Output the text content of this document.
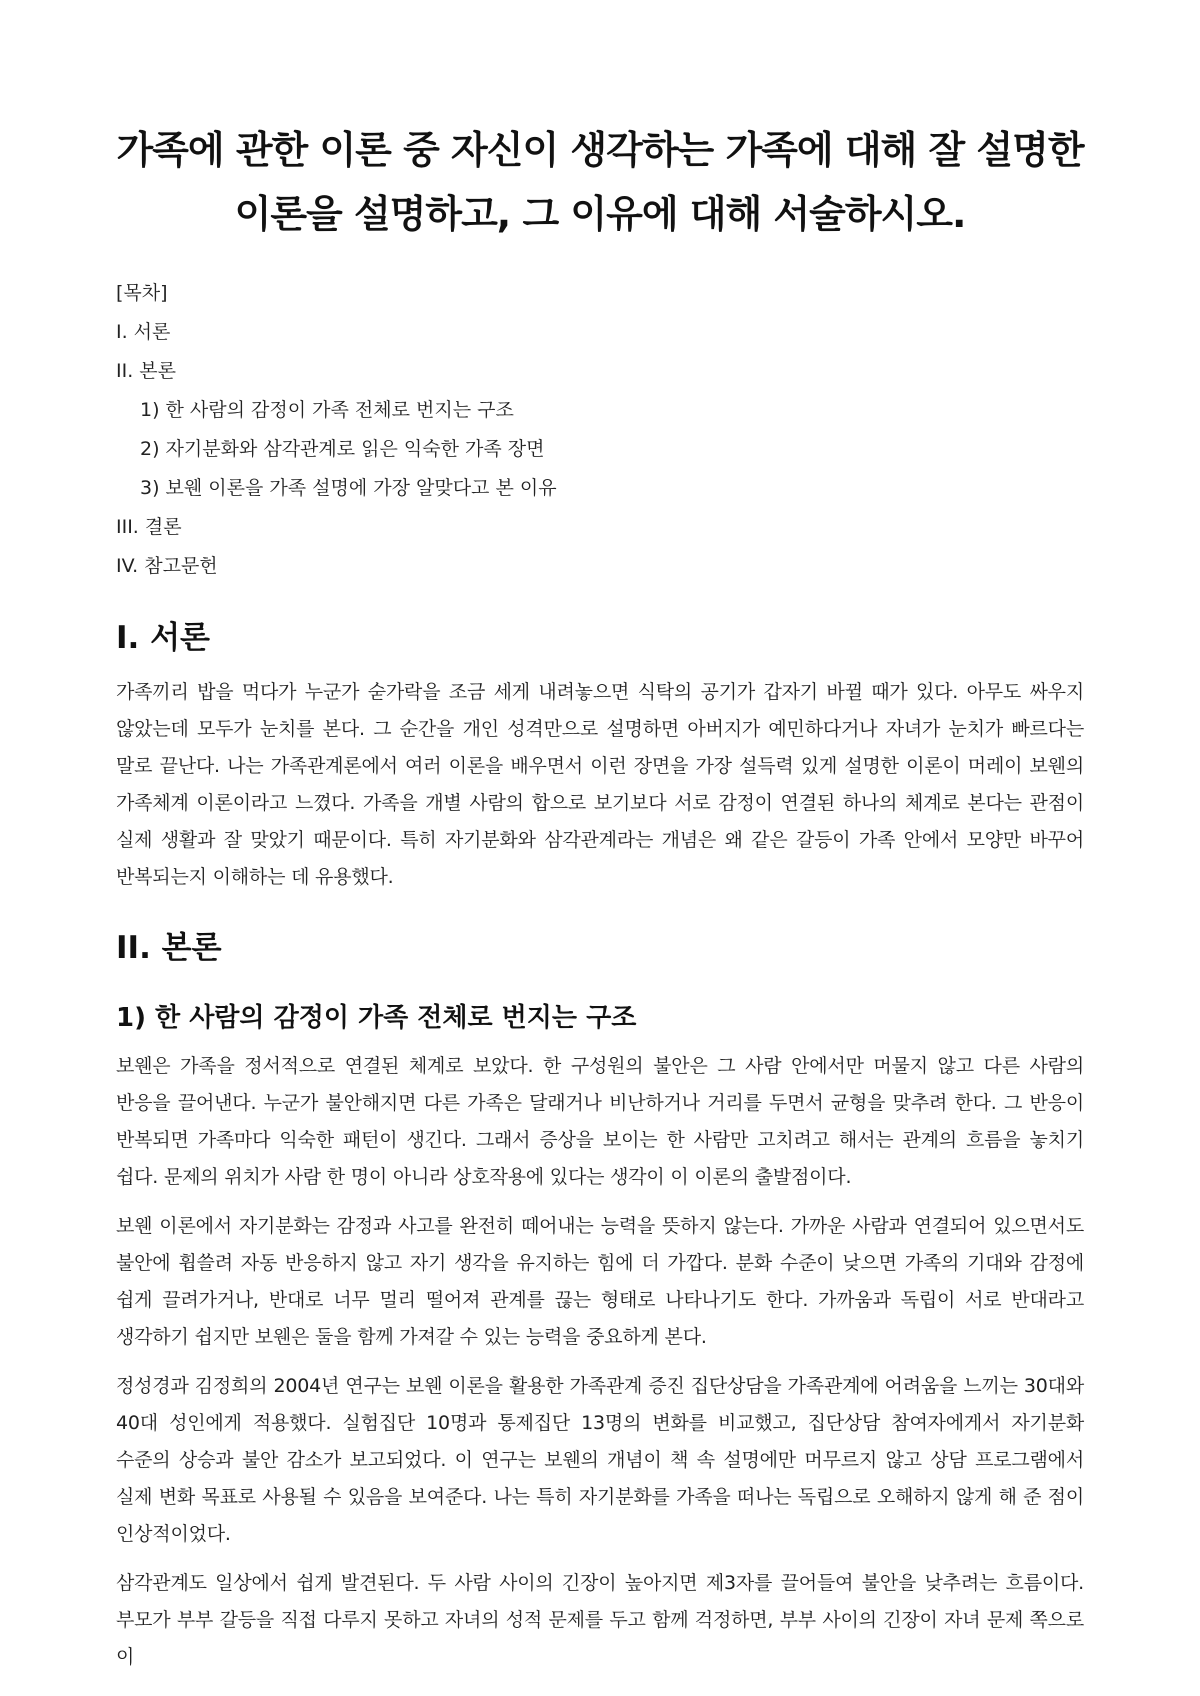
가족에 관한 이론 중 자신이 생각하는 가족에 대해 잘 설명한 이론을 설명하고, 그 이유에 대해 서술하시오.
[목차]
I. 서론
II. 본론
1) 한 사람의 감정이 가족 전체로 번지는 구조
2) 자기분화와 삼각관계로 읽은 익숙한 가족 장면
3) 보웬 이론을 가족 설명에 가장 알맞다고 본 이유
III. 결론
IV. 참고문헌
I. 서론

가족끼리 밥을 먹다가 누군가 숟가락을 조금 세게 내려놓으면 식탁의 공기가 갑자기 바뀔 때가 있다. 아무도 싸우지 않았는데 모두가 눈치를 본다. 그 순간을 개인 성격만으로 설명하면 아버지가 예민하다거나 자녀가 눈치가 빠르다는 말로 끝난다. 나는 가족관계론에서 여러 이론을 배우면서 이런 장면을 가장 설득력 있게 설명한 이론이 머레이 보웬의 가족체계 이론이라고 느꼈다. 가족을 개별 사람의 합으로 보기보다 서로 감정이 연결된 하나의 체계로 본다는 관점이 실제 생활과 잘 맞았기 때문이다. 특히 자기분화와 삼각관계라는 개념은 왜 같은 갈등이 가족 안에서 모양만 바꾸어 반복되는지 이해하는 데 유용했다.

II. 본론
1) 한 사람의 감정이 가족 전체로 번지는 구조

보웬은 가족을 정서적으로 연결된 체계로 보았다. 한 구성원의 불안은 그 사람 안에서만 머물지 않고 다른 사람의 반응을 끌어낸다. 누군가 불안해지면 다른 가족은 달래거나 비난하거나 거리를 두면서 균형을 맞추려 한다. 그 반응이 반복되면 가족마다 익숙한 패턴이 생긴다. 그래서 증상을 보이는 한 사람만 고치려고 해서는 관계의 흐름을 놓치기 쉽다. 문제의 위치가 사람 한 명이 아니라 상호작용에 있다는 생각이 이 이론의 출발점이다.

보웬 이론에서 자기분화는 감정과 사고를 완전히 떼어내는 능력을 뜻하지 않는다. 가까운 사람과 연결되어 있으면서도 불안에 휩쓸려 자동 반응하지 않고 자기 생각을 유지하는 힘에 더 가깝다. 분화 수준이 낮으면 가족의 기대와 감정에 쉽게 끌려가거나, 반대로 너무 멀리 떨어져 관계를 끊는 형태로 나타나기도 한다. 가까움과 독립이 서로 반대라고 생각하기 쉽지만 보웬은 둘을 함께 가져갈 수 있는 능력을 중요하게 본다.

정성경과 김정희의 2004년 연구는 보웬 이론을 활용한 가족관계 증진 집단상담을 가족관계에 어려움을 느끼는 30대와 40대 성인에게 적용했다. 실험집단 10명과 통제집단 13명의 변화를 비교했고, 집단상담 참여자에게서 자기분화 수준의 상승과 불안 감소가 보고되었다. 이 연구는 보웬의 개념이 책 속 설명에만 머무르지 않고 상담 프로그램에서 실제 변화 목표로 사용될 수 있음을 보여준다. 나는 특히 자기분화를 가족을 떠나는 독립으로 오해하지 않게 해 준 점이 인상적이었다.

삼각관계도 일상에서 쉽게 발견된다. 두 사람 사이의 긴장이 높아지면 제3자를 끌어들여 불안을 낮추려는 흐름이다. 부모가 부부 갈등을 직접 다루지 못하고 자녀의 성적 문제를 두고 함께 걱정하면, 부부 사이의 긴장이 자녀 문제 쪽으로 이
